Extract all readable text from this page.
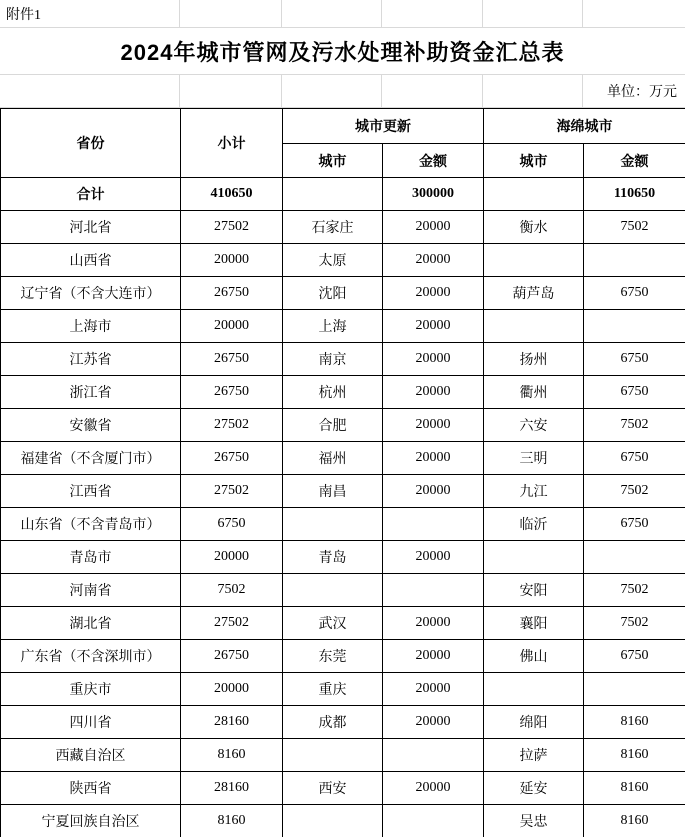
附件1
2024年城市管网及污水处理补助资金汇总表
单位：万元
省份	小计	城市更新		海绵城市	
		城市	金额	城市	金额
合计	410650		300000		110650
河北省	27502	石家庄	20000	衡水	7502
山西省	20000	太原	20000		
辽宁省（不含大连市）	26750	沈阳	20000	葫芦岛	6750
上海市	20000	上海	20000		
江苏省	26750	南京	20000	扬州	6750
浙江省	26750	杭州	20000	衢州	6750
安徽省	27502	合肥	20000	六安	7502
福建省（不含厦门市）	26750	福州	20000	三明	6750
江西省	27502	南昌	20000	九江	7502
山东省（不含青岛市）	6750			临沂	6750
青岛市	20000	青岛	20000		
河南省	7502			安阳	7502
湖北省	27502	武汉	20000	襄阳	7502
广东省（不含深圳市）	26750	东莞	20000	佛山	6750
重庆市	20000	重庆	20000		
四川省	28160	成都	20000	绵阳	8160
西藏自治区	8160			拉萨	8160
陕西省	28160	西安	20000	延安	8160
宁夏回族自治区	8160			吴忠	8160
